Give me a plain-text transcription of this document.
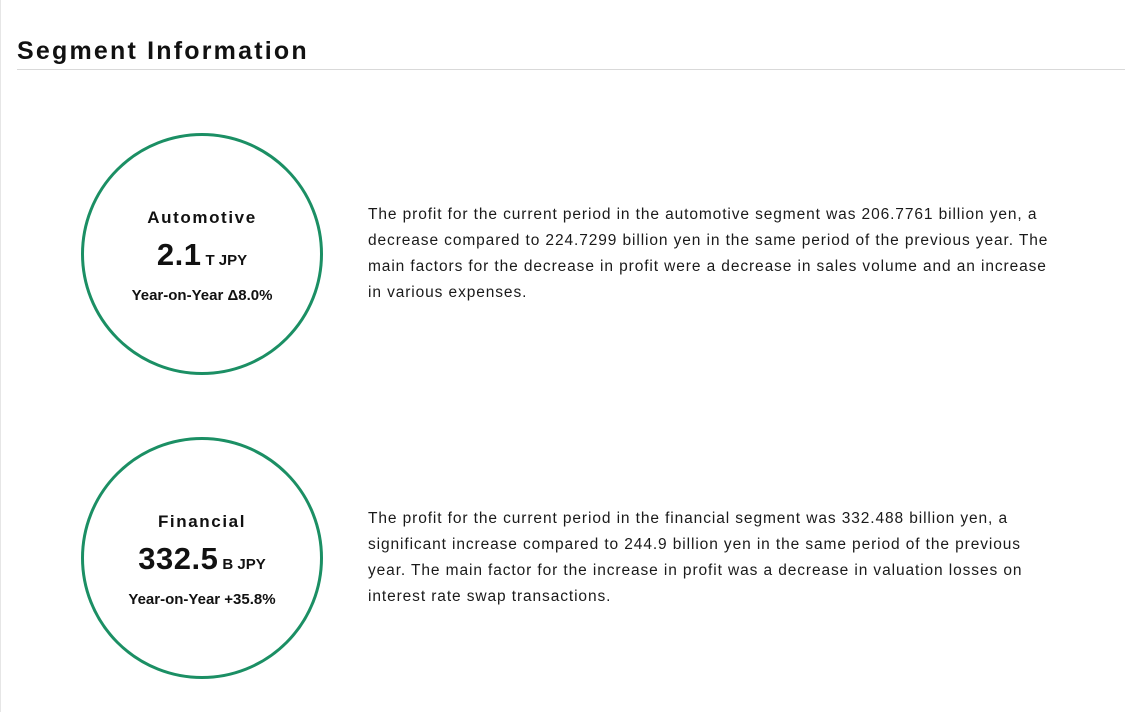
Segment Information
Automotive
2.1 T JPY
Year-on-Year Δ8.0%

The profit for the current period in the automotive segment was 206.7761 billion yen, a decrease compared to 224.7299 billion yen in the same period of the previous year. The main factors for the decrease in profit were a decrease in sales volume and an increase in various expenses.

Financial
332.5 B JPY
Year-on-Year +35.8%

The profit for the current period in the financial segment was 332.488 billion yen, a significant increase compared to 244.9 billion yen in the same period of the previous year. The main factor for the increase in profit was a decrease in valuation losses on interest rate swap transactions.
